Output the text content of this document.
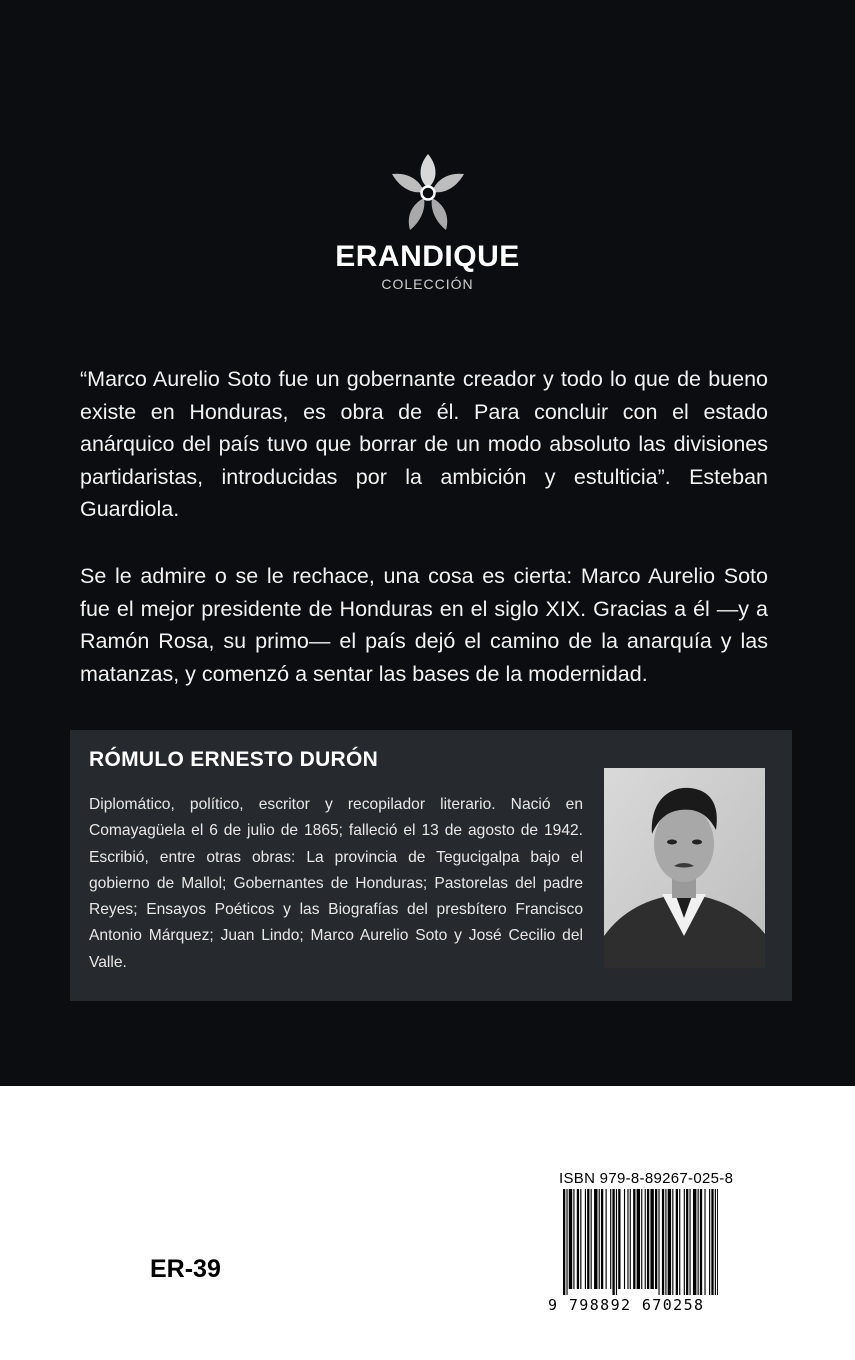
ERANDIQUE
COLECCIÓN
“Marco Aurelio Soto fue un gobernante creador y todo lo que de bueno existe en Honduras, es obra de él. Para concluir con el estado anárquico del país tuvo que borrar de un modo absoluto las divisiones partidaristas, introducidas por la ambición y estulticia”. Esteban Guardiola.
Se le admire o se le rechace, una cosa es cierta: Marco Aurelio Soto fue el mejor presidente de Honduras en el siglo XIX. Gracias a él —y a Ramón Rosa, su primo— el país dejó el camino de la anarquía y las matanzas, y comenzó a sentar las bases de la modernidad.
RÓMULO ERNESTO DURÓN
Diplomático, político, escritor y recopilador literario. Nació en Comayagüela el 6 de julio de 1865; falleció el 13 de agosto de 1942. Escribió, entre otras obras: La provincia de Tegucigalpa bajo el gobierno de Mallol; Gobernantes de Honduras; Pastorelas del padre Reyes; Ensayos Poéticos y las Biografías del presbítero Francisco Antonio Márquez; Juan Lindo; Marco Aurelio Soto y José Cecilio del Valle.
ER-39
ISBN 979-8-89267-025-8
9 798892 670258
